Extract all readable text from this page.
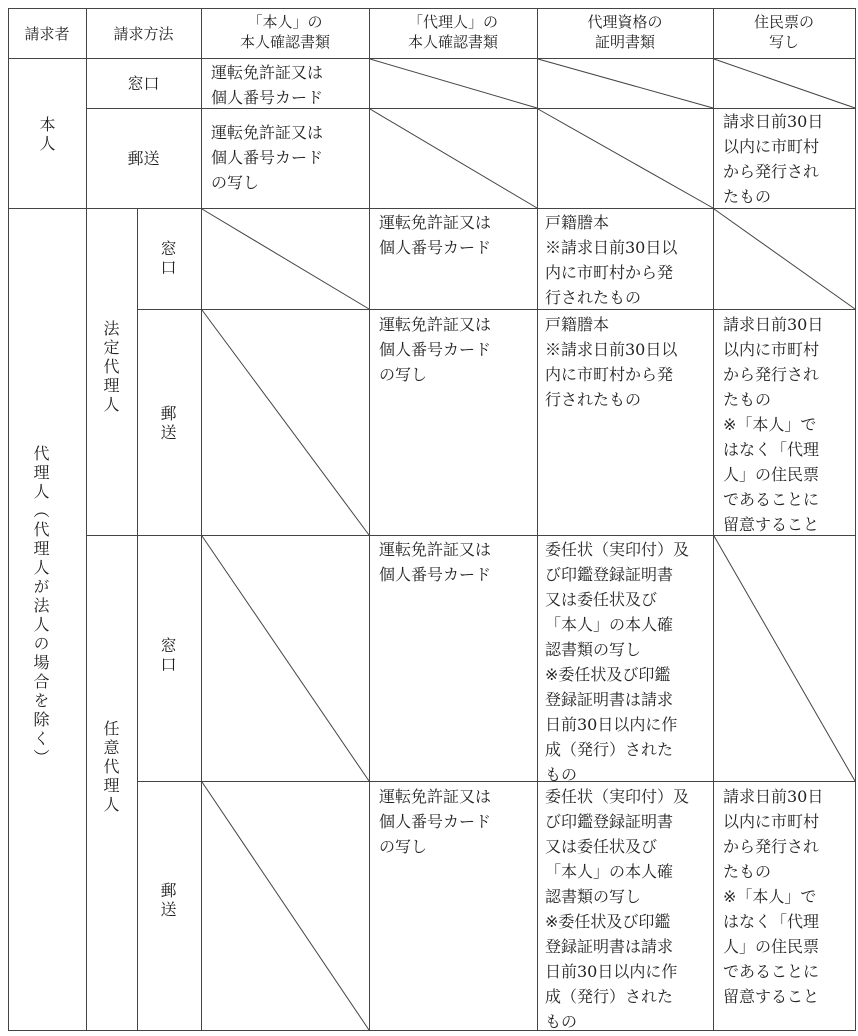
請求者	請求方法
「本人」の
本人確認書類
「代理人」の
本人確認書類
代理資格の
証明書類
住民票の
写し
本人
窓口
運転免許証又は
個人番号カード
郵送
運転免許証又は
個人番号カード
の写し
請求日前30日
以内に市町村
から発行され
たもの
代理人（代理人が法人の場合を除く）
法定代理人
窓口
運転免許証又は
個人番号カード
戸籍謄本
※請求日前30日以
内に市町村から発
行されたもの
郵送
運転免許証又は
個人番号カード
の写し
戸籍謄本
※請求日前30日以
内に市町村から発
行されたもの
請求日前30日
以内に市町村
から発行され
たもの
※「本人」で
はなく「代理
人」の住民票
であることに
留意すること
任意代理人
窓口
運転免許証又は
個人番号カード
委任状（実印付）及
び印鑑登録証明書
又は委任状及び
「本人」の本人確
認書類の写し
※委任状及び印鑑
登録証明書は請求
日前30日以内に作
成（発行）された
もの
郵送
運転免許証又は
個人番号カード
の写し
委任状（実印付）及
び印鑑登録証明書
又は委任状及び
「本人」の本人確
認書類の写し
※委任状及び印鑑
登録証明書は請求
日前30日以内に作
成（発行）された
もの
請求日前30日
以内に市町村
から発行され
たもの
※「本人」で
はなく「代理
人」の住民票
であることに
留意すること
